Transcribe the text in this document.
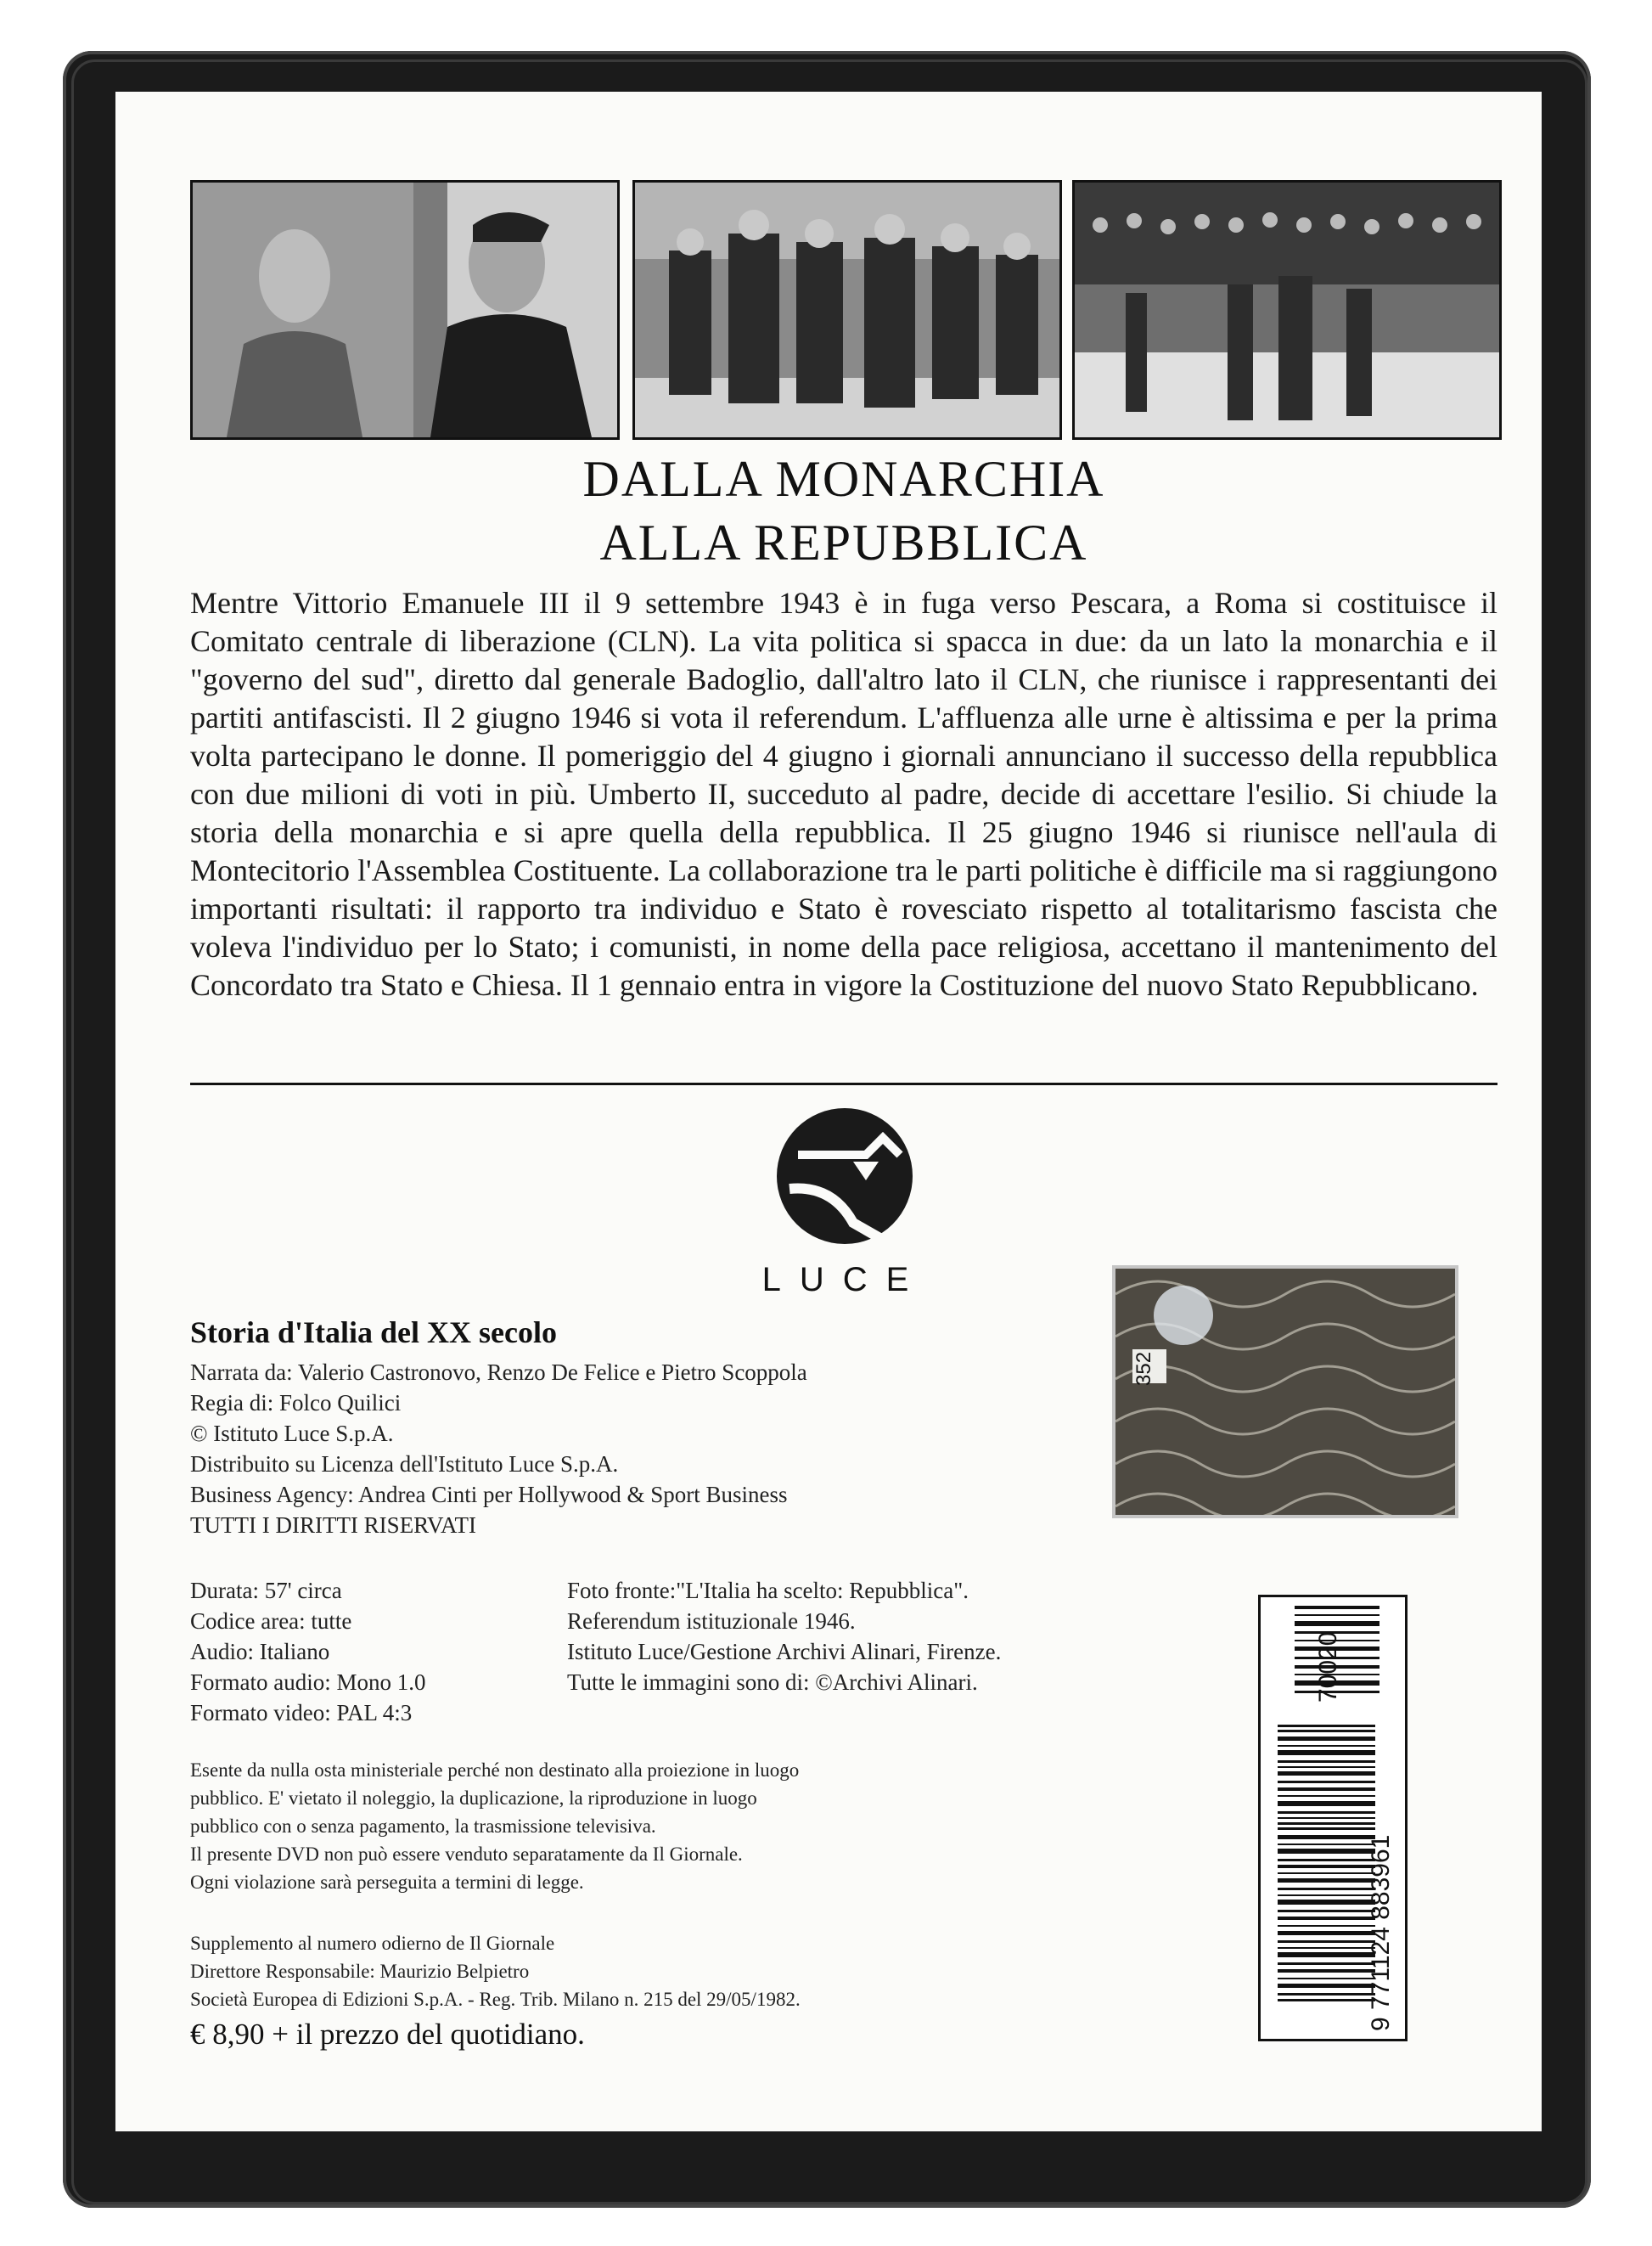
DALLA MONARCHIA
ALLA REPUBBLICA
Mentre Vittorio Emanuele III il 9 settembre 1943 è in fuga verso Pescara, a Roma si costituisce il Comitato centrale di liberazione (CLN). La vita politica si spacca in due: da un lato la monarchia e il "governo del sud", diretto dal generale Badoglio, dall'altro lato il CLN, che riunisce i rappresentanti dei partiti antifascisti. Il 2 giugno 1946 si vota il referendum. L'affluenza alle urne è altissima e per la prima volta partecipano le donne. Il pomeriggio del 4 giugno i giornali annunciano il successo della repubblica con due milioni di voti in più. Umberto II, succeduto al padre, decide di accettare l'esilio. Si chiude la storia della monarchia e si apre quella della repubblica. Il 25 giugno 1946 si riunisce nell'aula di Montecitorio l'Assemblea Costituente. La collaborazione tra le parti politiche è difficile ma si raggiungono importanti risultati: il rapporto tra individuo e Stato è rovesciato rispetto al totalitarismo fascista che voleva l'individuo per lo Stato; i comunisti, in nome della pace religiosa, accettano il mantenimento del Concordato tra Stato e Chiesa. Il 1 gennaio entra in vigore la Costituzione del nuovo Stato Repubblicano.
LUCE
Storia d'Italia del XX secolo
Narrata da: Valerio Castronovo, Renzo De Felice e Pietro Scoppola
Regia di: Folco Quilici
© Istituto Luce S.p.A.
Distribuito su Licenza dell'Istituto Luce S.p.A.
Business Agency: Andrea Cinti per Hollywood & Sport Business
TUTTI I DIRITTI RISERVATI
352
Durata: 57' circa
Codice area: tutte
Audio: Italiano
Formato audio: Mono 1.0
Formato video: PAL 4:3
Foto fronte:"L'Italia ha scelto: Repubblica".
Referendum istituzionale 1946.
Istituto Luce/Gestione Archivi Alinari, Firenze.
Tutte le immagini sono di: ©Archivi Alinari.
Esente da nulla osta ministeriale perché non destinato alla proiezione in luogo
pubblico. E' vietato il noleggio, la duplicazione, la riproduzione in luogo
pubblico con o senza pagamento, la trasmissione televisiva.
Il presente DVD non può essere venduto separatamente da Il Giornale.
Ogni violazione sarà perseguita a termini di legge.
Supplemento al numero odierno de Il Giornale
Direttore Responsabile: Maurizio Belpietro
Società Europea di Edizioni S.p.A. - Reg. Trib. Milano n. 215 del 29/05/1982.
€ 8,90 + il prezzo del quotidiano.
70020
9 771124 883961
